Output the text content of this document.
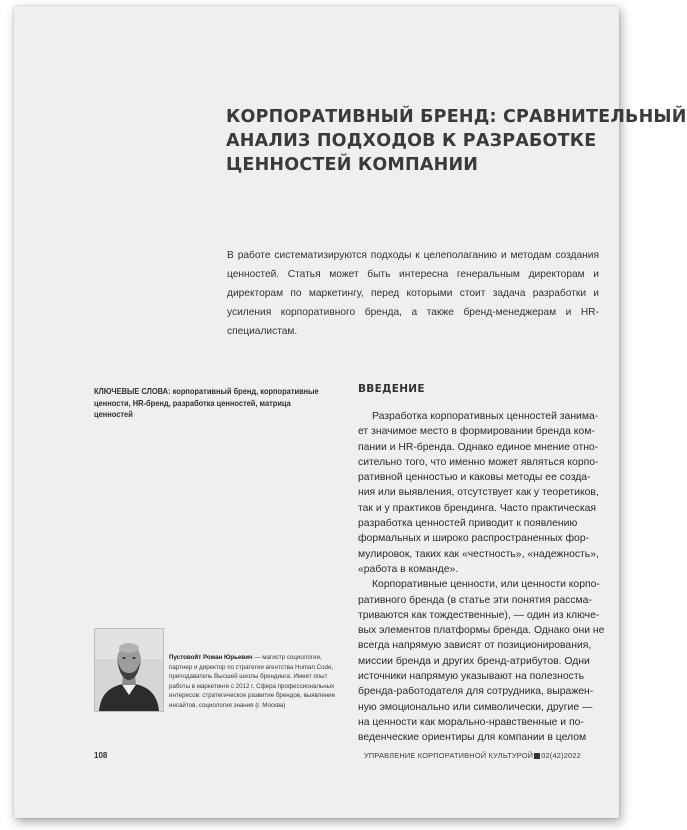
КОРПОРАТИВНЫЙ БРЕНД: СРАВНИТЕЛЬНЫЙ
АНАЛИЗ ПОДХОДОВ К РАЗРАБОТКЕ
ЦЕННОСТЕЙ КОМПАНИИ

В работе систематизируются подходы к целеполаганию и методам создания ценностей. Статья может быть интересна генеральным директорам и директорам по маркетингу, перед которыми стоит задача разработки и усиления корпоративного бренда, а также бренд-менеджерам и HR-специалистам.

КЛЮЧЕВЫЕ СЛОВА: корпоративный бренд, корпоративные ценности, HR-бренд, разработка ценностей, матрица ценностей
ВВЕДЕНИЕ
Разработка корпоративных ценностей занима-
ет значимое место в формировании бренда ком-
пании и HR-бренда. Однако единое мнение отно-
сительно того, что именно может являться корпо-
ративной ценностью и каковы методы ее созда-
ния или выявления, отсутствует как у теоретиков,
так и у практиков брендинга. Часто практическая
разработка ценностей приводит к появлению
формальных и широко распространенных фор-
мулировок, таких как «честность», «надежность»,
«работа в команде».
Корпоративные ценности, или ценности корпо-
ративного бренда (в статье эти понятия рассма-
триваются как тождественные), — один из ключе-
вых элементов платформы бренда. Однако они не
всегда напрямую зависят от позиционирования,
миссии бренда и других бренд-атрибутов. Одни
источники напрямую указывают на полезность
бренда-работодателя для сотрудника, выражен-
ную эмоционально или символически, другие —
на ценности как морально-нравственные и по-
веденческие ориентиры для компании в целом
Пустовойт Роман Юрьевич — магистр социологии, партнер и директор по стратегии агентства Human Code, преподаватель Высшей школы брендинга. Имеет опыт работы в маркетинге с 2012 г. Сфера профессиональных интересов: стратегическое развитие брендов, выявление инсайтов, социология знания (г. Москва)
108	УПРАВЛЕНИЕ КОРПОРАТИВНОЙ КУЛЬТУРОЙ 02(42)2022
